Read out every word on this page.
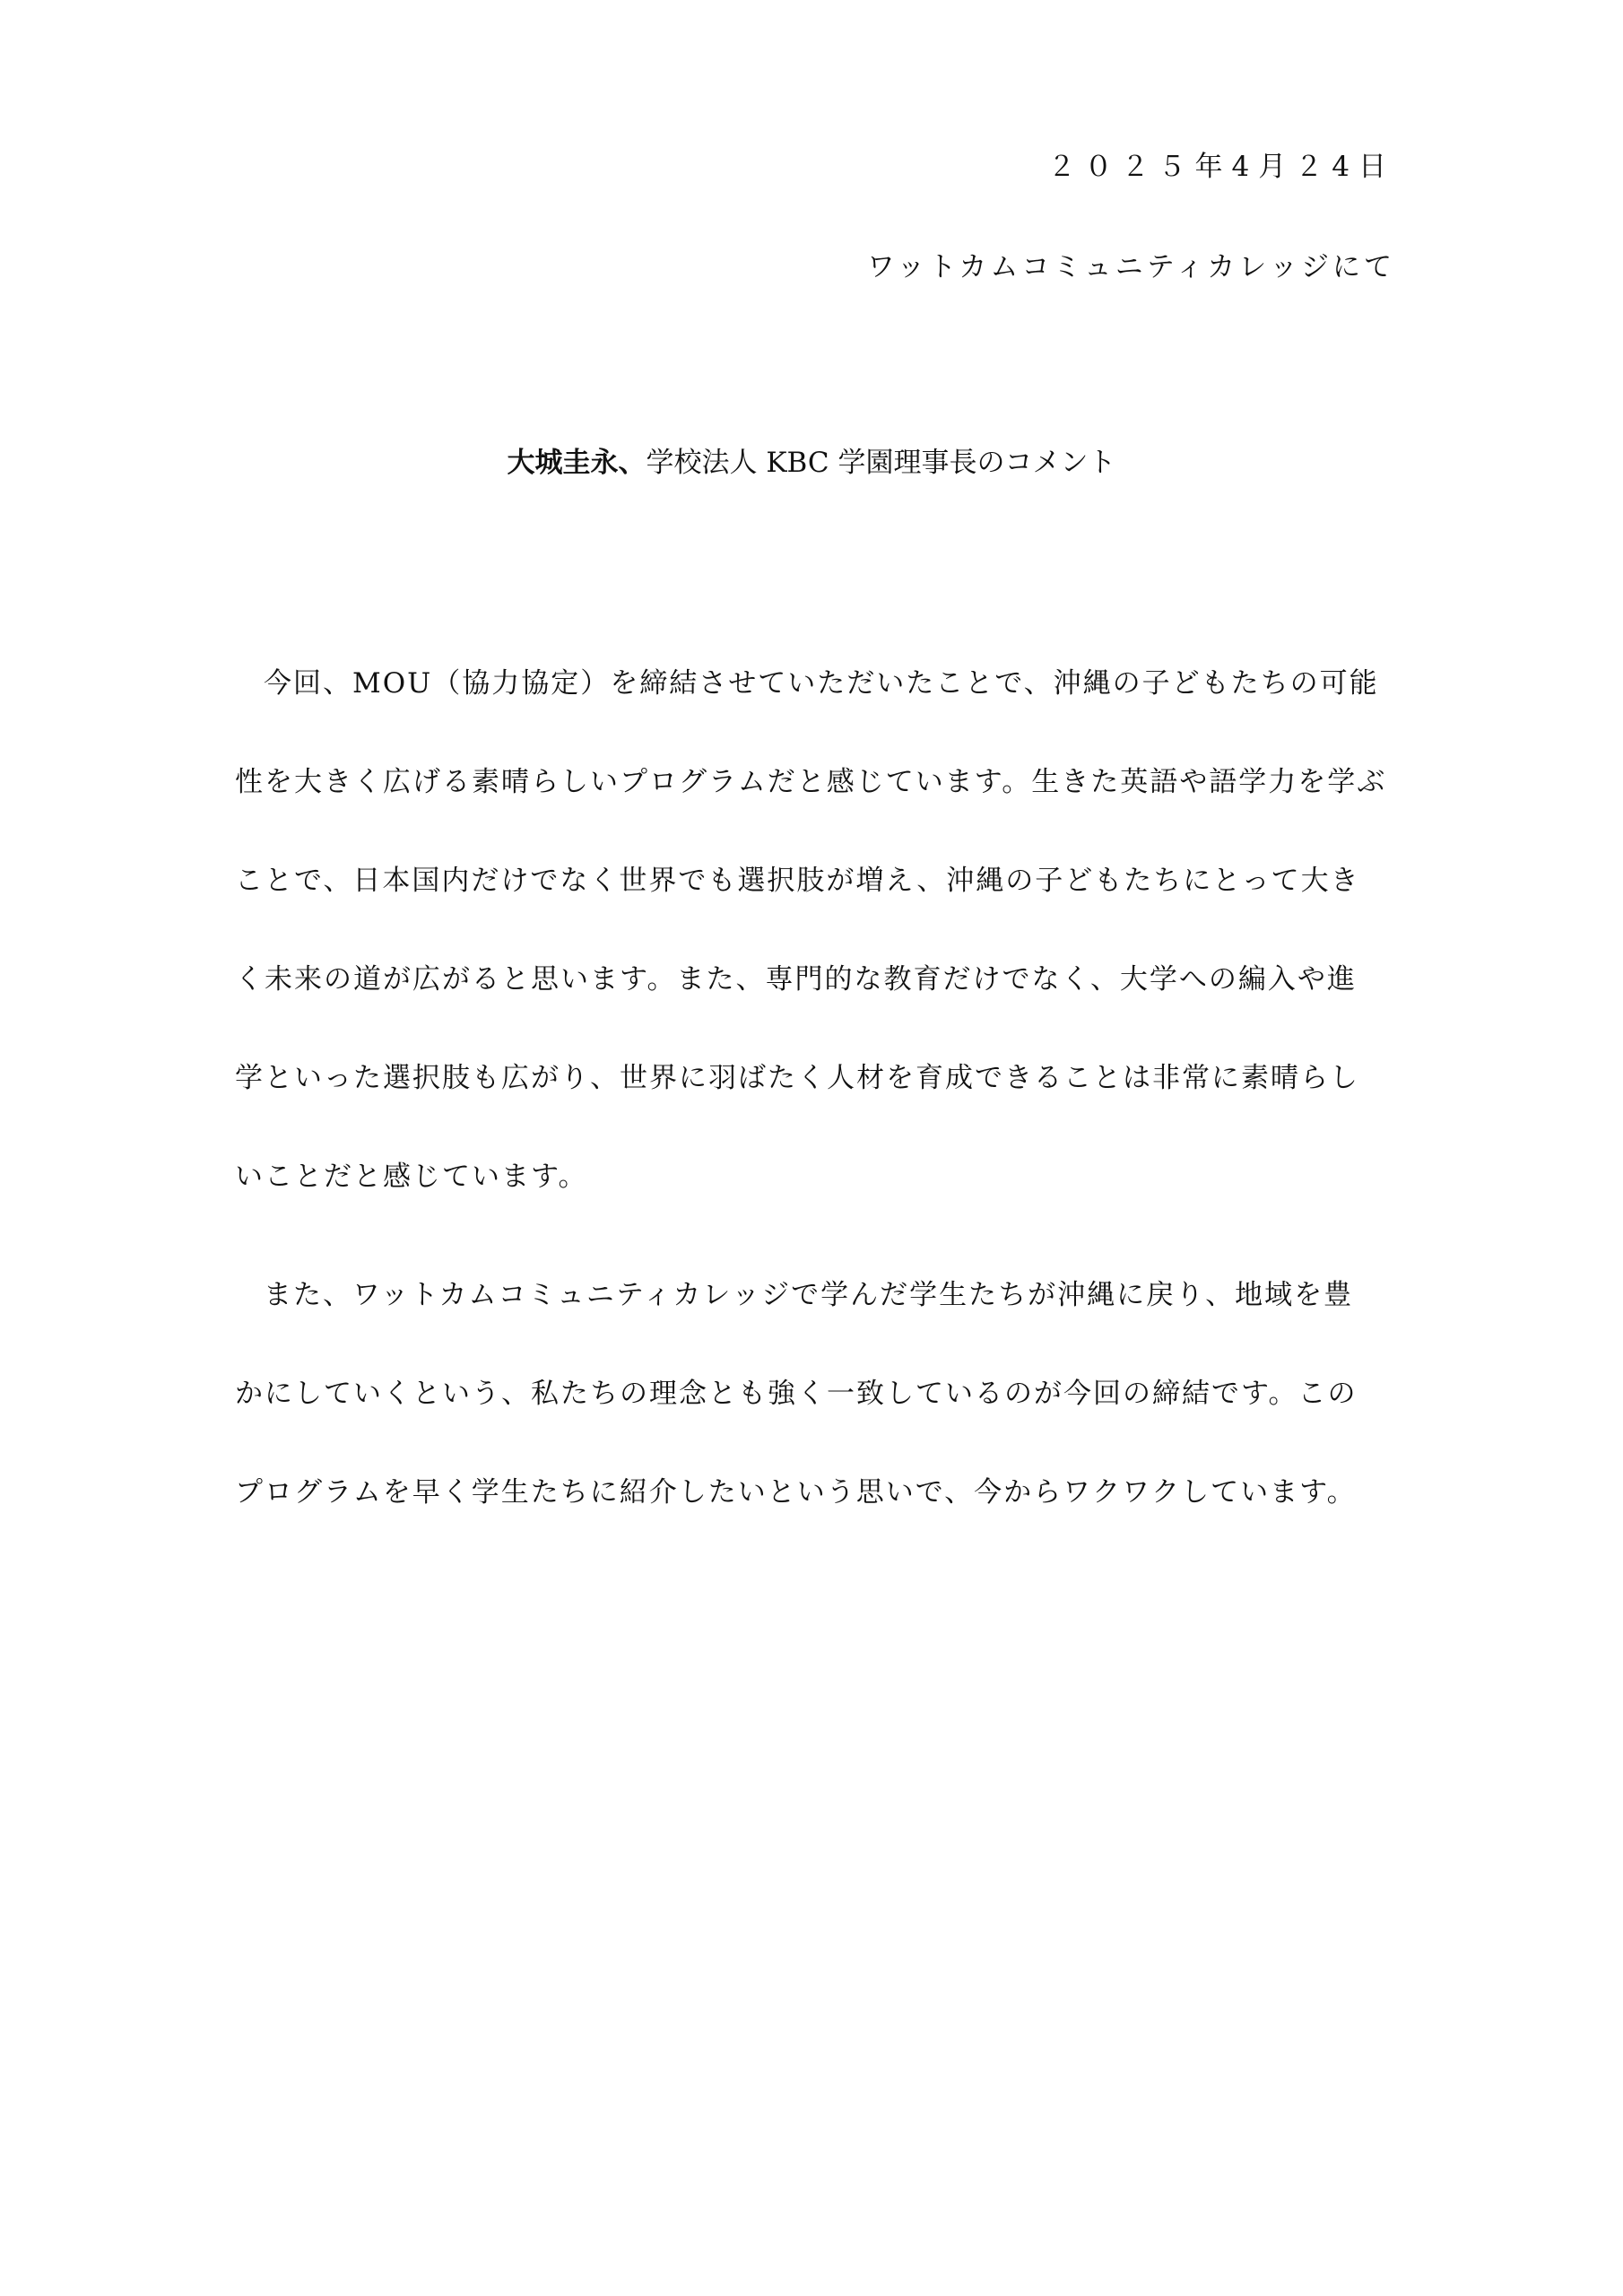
２０２５年4月２4日
ワットカムコミュニティカレッジにて
大城圭永、学校法人 KBC 学園理事長のコメント
今回、MOU（協力協定）を締結させていただいたことで、沖縄の子どもたちの可能
性を大きく広げる素晴らしいプログラムだと感じています。生きた英語や語学力を学ぶ
ことで、日本国内だけでなく世界でも選択肢が増え、沖縄の子どもたちにとって大き
く未来の道が広がると思います。また、専門的な教育だけでなく、大学への編入や進
学といった選択肢も広がり、世界に羽ばたく人材を育成できることは非常に素晴らし
いことだと感じています。
また、ワットカムコミュニティカレッジで学んだ学生たちが沖縄に戻り、地域を豊
かにしていくという、私たちの理念とも強く一致しているのが今回の締結です。この
プログラムを早く学生たちに紹介したいという思いで、今からワクワクしています。
